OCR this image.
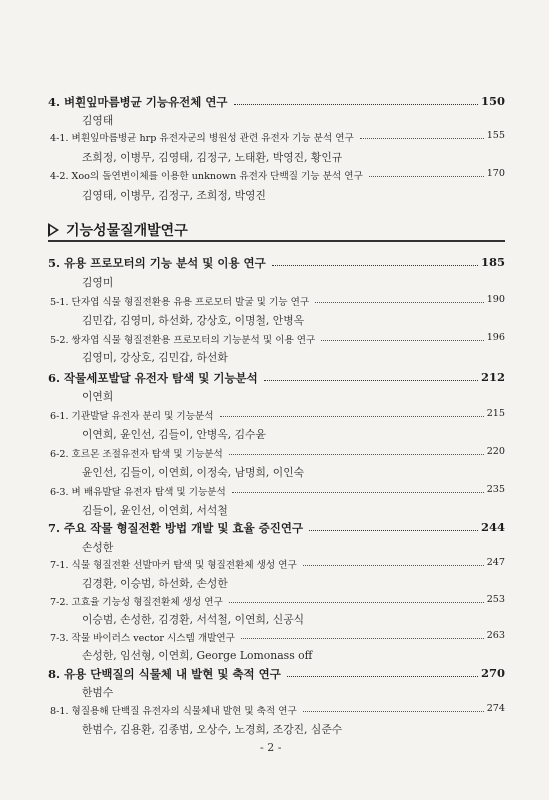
4. 벼흰잎마름병균 기능유전체 연구	150
김영태
4-1. 벼흰잎마름병균 hrp 유전자군의 병원성 관련 유전자 기능 분석 연구	155
조희정, 이병무, 김영태, 김정구, 노태환, 박영진, 황인규
4-2. Xoo의 돌연변이체를 이용한 unknown 유전자 단백질 기능 분석 연구	170
김영태, 이병무, 김정구, 조희정, 박영진
기능성물질개발연구
5. 유용 프로모터의 기능 분석 및 이용 연구	185
김영미
5-1. 단자엽 식물 형질전환용 유용 프로모터 발굴 및 기능 연구	190
김민갑, 김영미, 하선화, 강상호, 이명철, 안병옥
5-2. 쌍자엽 식물 형질전환용 프로모터의 기능분석 및 이용 연구	196
김영미, 강상호, 김민갑, 하선화
6. 작물세포발달 유전자 탐색 및 기능분석	212
이연희
6-1. 기관발달 유전자 분리 및 기능분석	215
이연희, 윤인선, 김들이, 안병옥, 김수윤
6-2. 호르몬 조절유전자 탐색 및 기능분석	220
윤인선, 김들이, 이연희, 이정숙, 남명희, 이인숙
6-3. 벼 배유발달 유전자 탐색 및 기능분석	235
김들이, 윤인선, 이연희, 서석철
7. 주요 작물 형질전환 방법 개발 및 효율 증진연구	244
손성한
7-1. 식물 형질전환 선발마커 탐색 및 형질전환체 생성 연구	247
김경환, 이승범, 하선화, 손성한
7-2. 고효율 기능성 형질전환체 생성 연구	253
이승범, 손성한, 김경환, 서석철, 이연희, 신공식
7-3. 작물 바이러스 vector 시스템 개발연구	263
손성한, 임선형, 이연희, George Lomonass off
8. 유용 단백질의 식물체 내 발현 및 축적 연구	270
한범수
8-1. 형질용해 단백질 유전자의 식물체내 발현 및 축적 연구	274
한범수, 김용환, 김종범, 오상수, 노경희, 조강진, 심준수
- 2 -
